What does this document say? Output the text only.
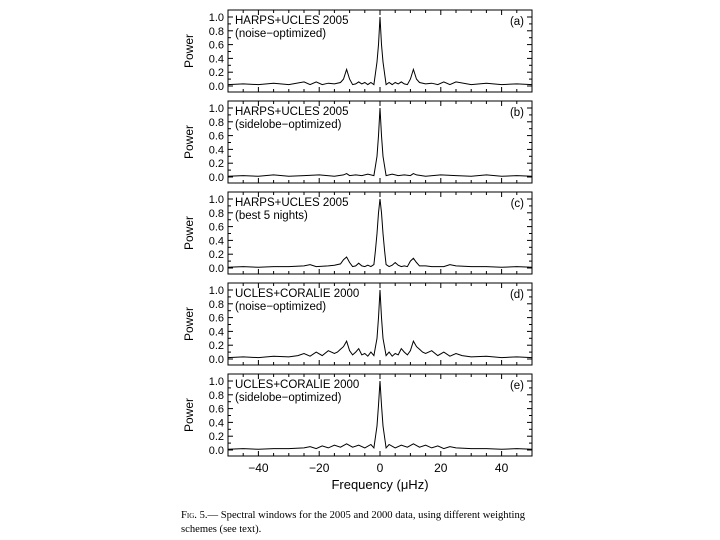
0.0
0.2
0.4
0.6
0.8
1.0
Power
HARPS+UCLES 2005
(noise−optimized)
(a)
0.0
0.2
0.4
0.6
0.8
1.0
Power
HARPS+UCLES 2005
(sidelobe−optimized)
(b)
0.0
0.2
0.4
0.6
0.8
1.0
Power
HARPS+UCLES 2005
(best 5 nights)
(c)
0.0
0.2
0.4
0.6
0.8
1.0
Power
UCLES+CORALIE 2000
(noise−optimized)
(d)
0.0
0.2
0.4
0.6
0.8
1.0
−40	−20	0	20	40
Power
UCLES+CORALIE 2000
(sidelobe−optimized)
(e)
Frequency (μHz)
Fig. 5.— Spectral windows for the 2005 and 2000 data, using different weighting schemes (see text).
